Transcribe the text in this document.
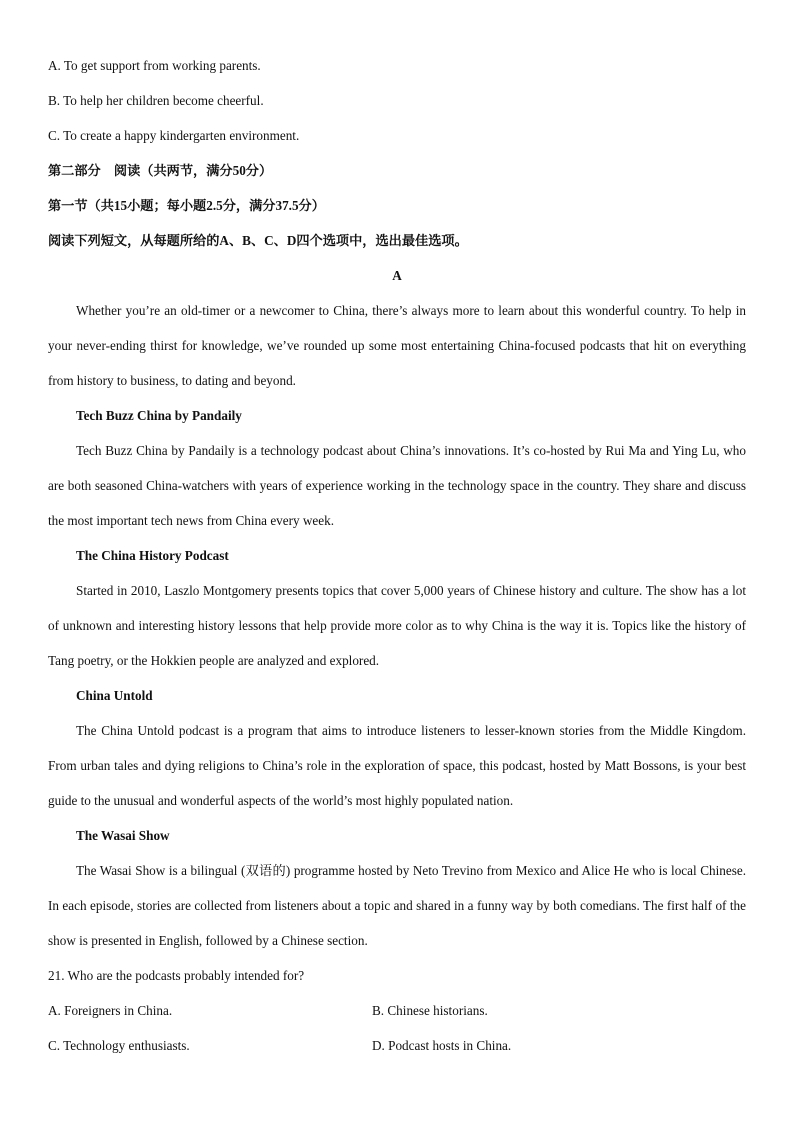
A. To get support from working parents.
B. To help her children become cheerful.
C. To create a happy kindergarten environment.
第二部分　阅读（共两节，满分50分）
第一节（共15小题；每小题2.5分，满分37.5分）
阅读下列短文，从每题所给的A、B、C、D四个选项中，选出最佳选项。
A

Whether you’re an old-timer or a newcomer to China, there’s always more to learn about this wonderful country. To help in your never-ending thirst for knowledge, we’ve rounded up some most entertaining China-focused podcasts that hit on everything from history to business, to dating and beyond.

Tech Buzz China by Pandaily

Tech Buzz China by Pandaily is a technology podcast about China’s innovations. It’s co-hosted by Rui Ma and Ying Lu, who are both seasoned China-watchers with years of experience working in the technology space in the country. They share and discuss the most important tech news from China every week.

The China History Podcast

Started in 2010, Laszlo Montgomery presents topics that cover 5,000 years of Chinese history and culture. The show has a lot of unknown and interesting history lessons that help provide more color as to why China is the way it is. Topics like the history of Tang poetry, or the Hokkien people are analyzed and explored.

China Untold

The China Untold podcast is a program that aims to introduce listeners to lesser-known stories from the Middle Kingdom. From urban tales and dying religions to China’s role in the exploration of space, this podcast, hosted by Matt Bossons, is your best guide to the unusual and wonderful aspects of the world’s most highly populated nation.

The Wasai Show

The Wasai Show is a bilingual (双语的) programme hosted by Neto Trevino from Mexico and Alice He who is local Chinese. In each episode, stories are collected from listeners about a topic and shared in a funny way by both comedians. The first half of the show is presented in English, followed by a Chinese section.

21. Who are the podcasts probably intended for?
A. Foreigners in China.	B. Chinese historians.
C. Technology enthusiasts.	D. Podcast hosts in China.
